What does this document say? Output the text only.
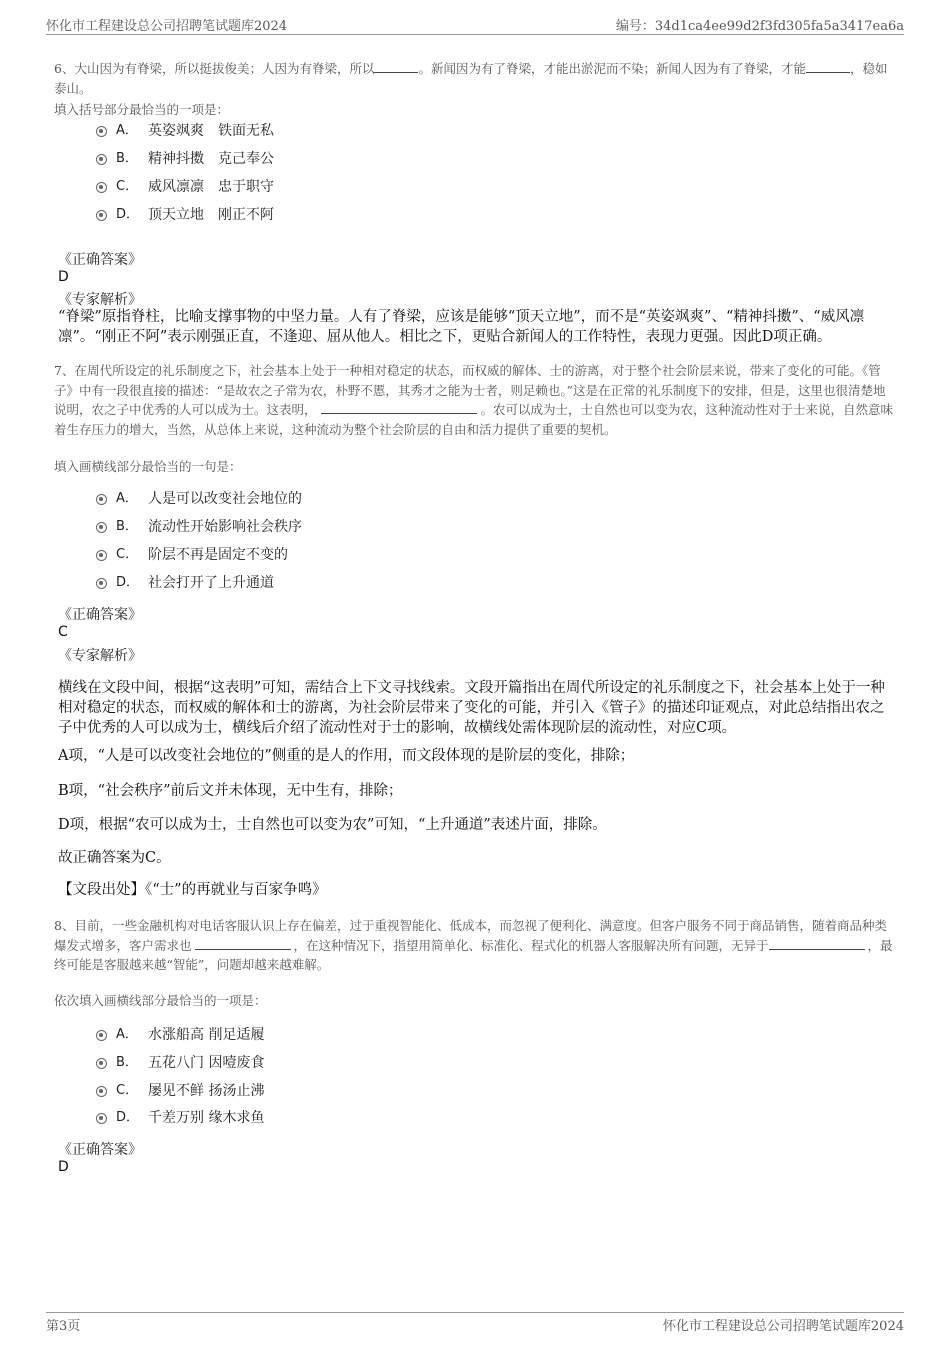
怀化市工程建设总公司招聘笔试题库2024	编号：34d1ca4ee99d2f3fd305fa5a3417ea6a

6、大山因为有脊梁，所以挺拔俊美；人因为有脊梁，所以	。新闻因为有了脊梁，才能出淤泥而不染；新闻人因为有了脊梁，才能	，稳如泰山。

填入括号部分最恰当的一项是：
A． 英姿飒爽　铁面无私
B． 精神抖擞　克己奉公
C． 威风凛凛　忠于职守
D． 顶天立地　刚正不阿
《正确答案》
D
《专家解析》

“脊梁”原指脊柱，比喻支撑事物的中坚力量。人有了脊梁，应该是能够“顶天立地”，而不是“英姿飒爽”、“精神抖擞”、“威风凛凛”。“刚正不阿”表示刚强正直，不逢迎、屈从他人。相比之下，更贴合新闻人的工作特性，表现力更强。因此D项正确。

7、在周代所设定的礼乐制度之下，社会基本上处于一种相对稳定的状态，而权威的解体、士的游离，对于整个社会阶层来说，带来了变化的可能。《管子》中有一段很直接的描述：“是故农之子常为农，朴野不慝，其秀才之能为士者，则足赖也。”这是在正常的礼乐制度下的安排，但是，这里也很清楚地说明，农之子中优秀的人可以成为士。这表明，	。农可以成为士，士自然也可以变为农，这种流动性对于士来说，自然意味着生存压力的增大，当然，从总体上来说，这种流动为整个社会阶层的自由和活力提供了重要的契机。

填入画横线部分最恰当的一句是：
A． 人是可以改变社会地位的
B． 流动性开始影响社会秩序
C． 阶层不再是固定不变的
D． 社会打开了上升通道
《正确答案》
C
《专家解析》

横线在文段中间，根据“这表明”可知，需结合上下文寻找线索。文段开篇指出在周代所设定的礼乐制度之下，社会基本上处于一种相对稳定的状态，而权威的解体和士的游离，为社会阶层带来了变化的可能，并引入《管子》的描述印证观点，对此总结指出农之子中优秀的人可以成为士，横线后介绍了流动性对于士的影响，故横线处需体现阶层的流动性，对应C项。

A项，“人是可以改变社会地位的”侧重的是人的作用，而文段体现的是阶层的变化，排除；

B项，“社会秩序”前后文并未体现，无中生有，排除；

D项，根据“农可以成为士，士自然也可以变为农”可知，“上升通道”表述片面，排除。

故正确答案为C。

【文段出处】《“士”的再就业与百家争鸣》

8、目前，一些金融机构对电话客服认识上存在偏差，过于重视智能化、低成本，而忽视了便利化、满意度。但客户服务不同于商品销售，随着商品种类爆发式增多，客户需求也	，在这种情况下，指望用简单化、标准化、程式化的机器人客服解决所有问题，无异于	，最终可能是客服越来越“智能”，问题却越来越难解。

依次填入画横线部分最恰当的一项是：
A． 水涨船高 削足适履
B． 五花八门 因噎废食
C． 屡见不鲜 扬汤止沸
D． 千差万别 缘木求鱼
《正确答案》
D
第3页	怀化市工程建设总公司招聘笔试题库2024
